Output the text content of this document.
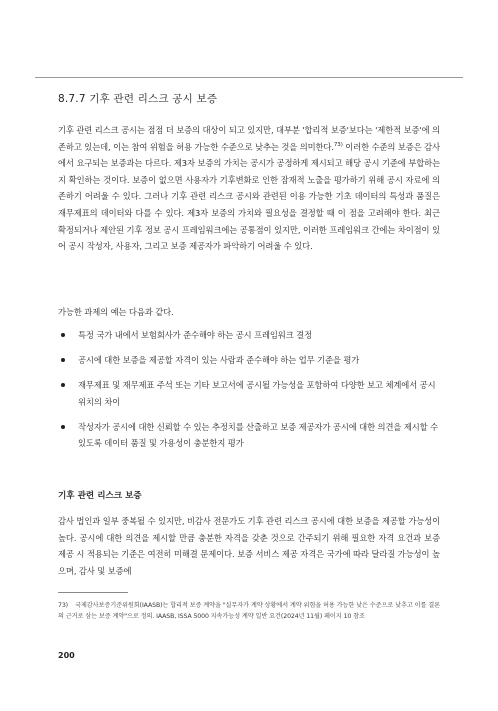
8.7.7 기후 관련 리스크 공시 보증
기후 관련 리스크 공시는 점점 더 보증의 대상이 되고 있지만, 대부분 '합리적 보증'보다는 '제한적 보증'에 의존하고 있는데, 이는 참여 위험을 허용 가능한 수준으로 낮추는 것을 의미한다.$^{73)}$ 이러한 수준의 보증은 감사에서 요구되는 보증과는 다르다. 제3자 보증의 가치는 공시가 공정하게 제시되고 해당 공시 기준에 부합하는지 확인하는 것이다. 보증이 없으면 사용자가 기후변화로 인한 잠재적 노출을 평가하기 위해 공시 자료에 의존하기 어려울 수 있다. 그러나 기후 관련 리스크 공시와 관련된 이용 가능한 기초 데이터의 특성과 품질은 재무제표의 데이터와 다를 수 있다. 제3자 보증의 가치와 필요성을 결정할 때 이 점을 고려해야 한다. 최근 확정되거나 제안된 기후 정보 공시 프레임워크에는 공통점이 있지만, 이러한 프레임워크 간에는 차이점이 있어 공시 작성자, 사용자, 그리고 보증 제공자가 파악하기 어려울 수 있다.
가능한 과제의 예는 다음과 같다.
특정 국가 내에서 보험회사가 준수해야 하는 공시 프레임워크 결정
공시에 대한 보증을 제공할 자격이 있는 사람과 준수해야 하는 업무 기준을 평가
재무제표 및 재무제표 주석 또는 기타 보고서에 공시될 가능성을 포함하여 다양한 보고 체계에서 공시 위치의 차이
작성자가 공시에 대한 신뢰할 수 있는 추정치를 산출하고 보증 제공자가 공시에 대한 의견을 제시할 수 있도록 데이터 품질 및 가용성이 충분한지 평가
기후 관련 리스크 보증
감사 법인과 일부 중복될 수 있지만, 비감사 전문가도 기후 관련 리스크 공시에 대한 보증을 제공할 가능성이 높다. 공시에 대한 의견을 제시할 만큼 충분한 자격을 갖춘 것으로 간주되기 위해 필요한 자격 요건과 보증 제공 시 적용되는 기준은 여전히 미해결 문제이다. 보증 서비스 제공 자격은 국가에 따라 달라질 가능성이 높으며, 감사 및 보증에
73) 국제감사보증기준위원회(IAASB)는 합리적 보증 계약을 "실무자가 계약 상황에서 계약 위험을 허용 가능한 낮은 수준으로 낮추고 이를 결론의 근거로 삼는 보증 계약"으로 정의. IAASB, ISSA 5000 지속가능성 계약 일반 요건(2024년 11월) 페이지 10 참조
200
